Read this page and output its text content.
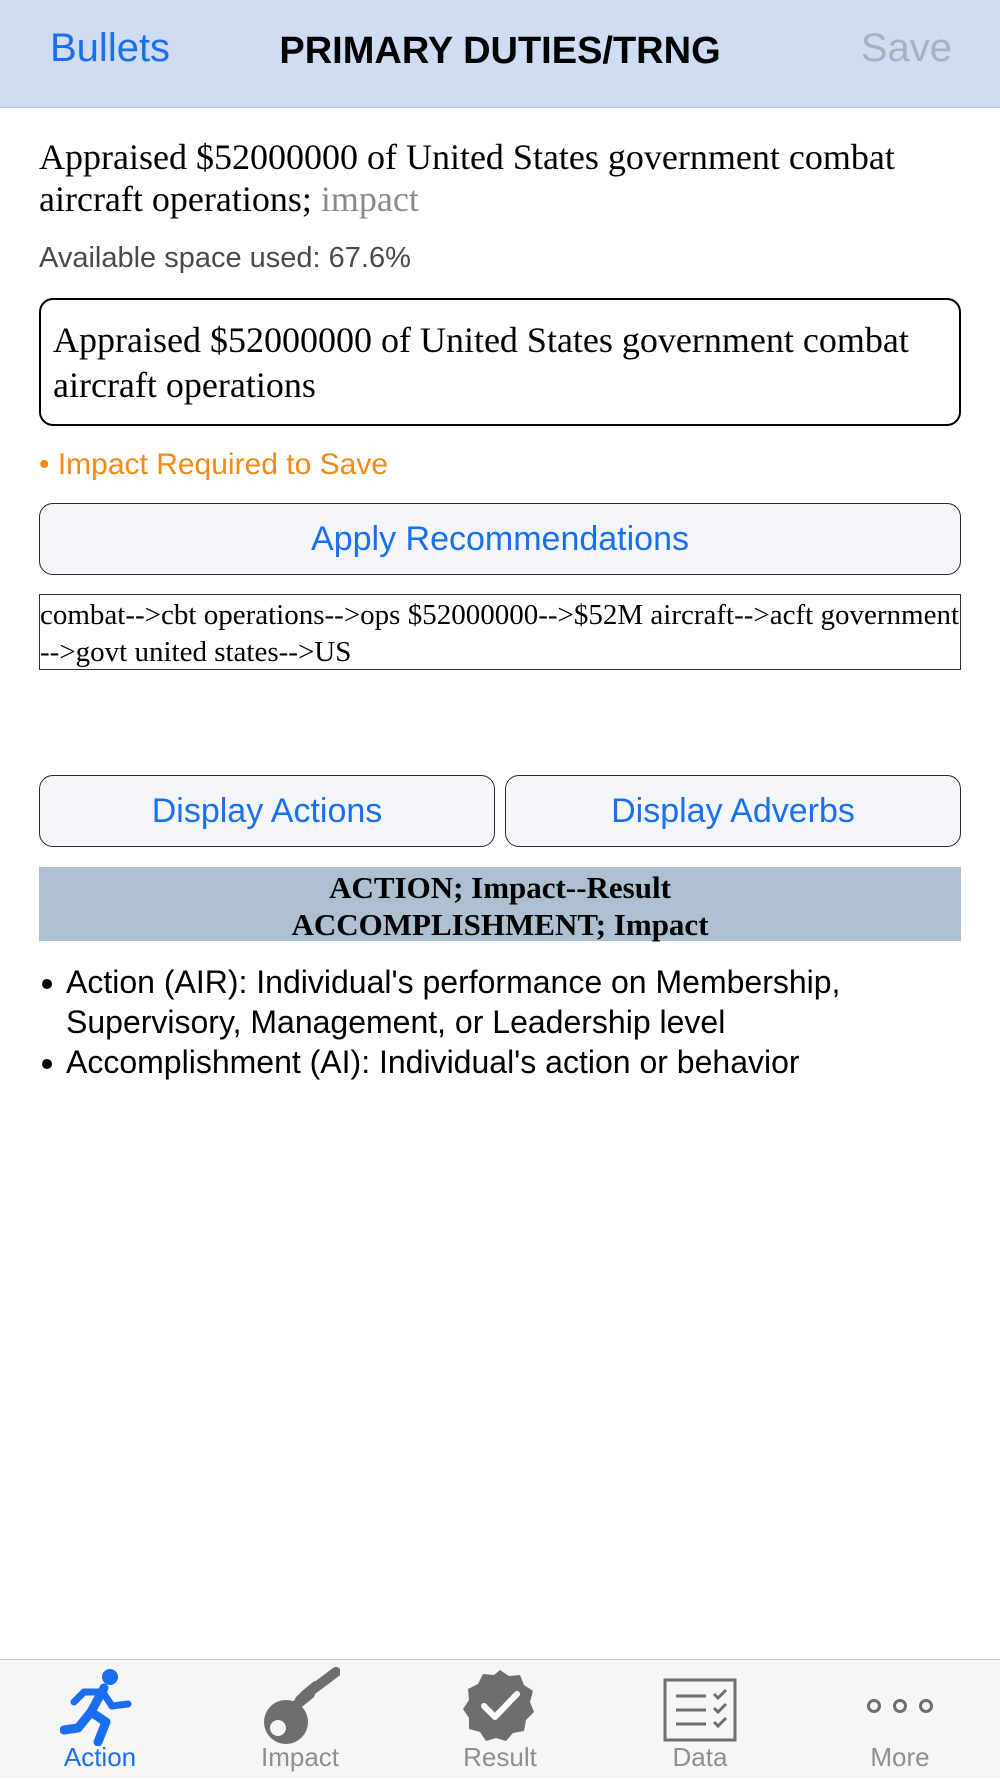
Bullets	PRIMARY DUTIES/TRNG	Save
Appraised $52000000 of United States government combat aircraft operations; impact
Available space used: 67.6%
Appraised $52000000 of United States government combat aircraft operations
• Impact Required to Save
Apply Recommendations
combat-->cbt operations-->ops $52000000-->$52M aircraft-->acft government-->govt united states-->US
Display Actions	Display Adverbs
ACTION; Impact--Result
ACCOMPLISHMENT; Impact
Action (AIR): Individual's performance on Membership, Supervisory, Management, or Leadership level
Accomplishment (AI): Individual's action or behavior
Action	Impact	Result	Data	More
